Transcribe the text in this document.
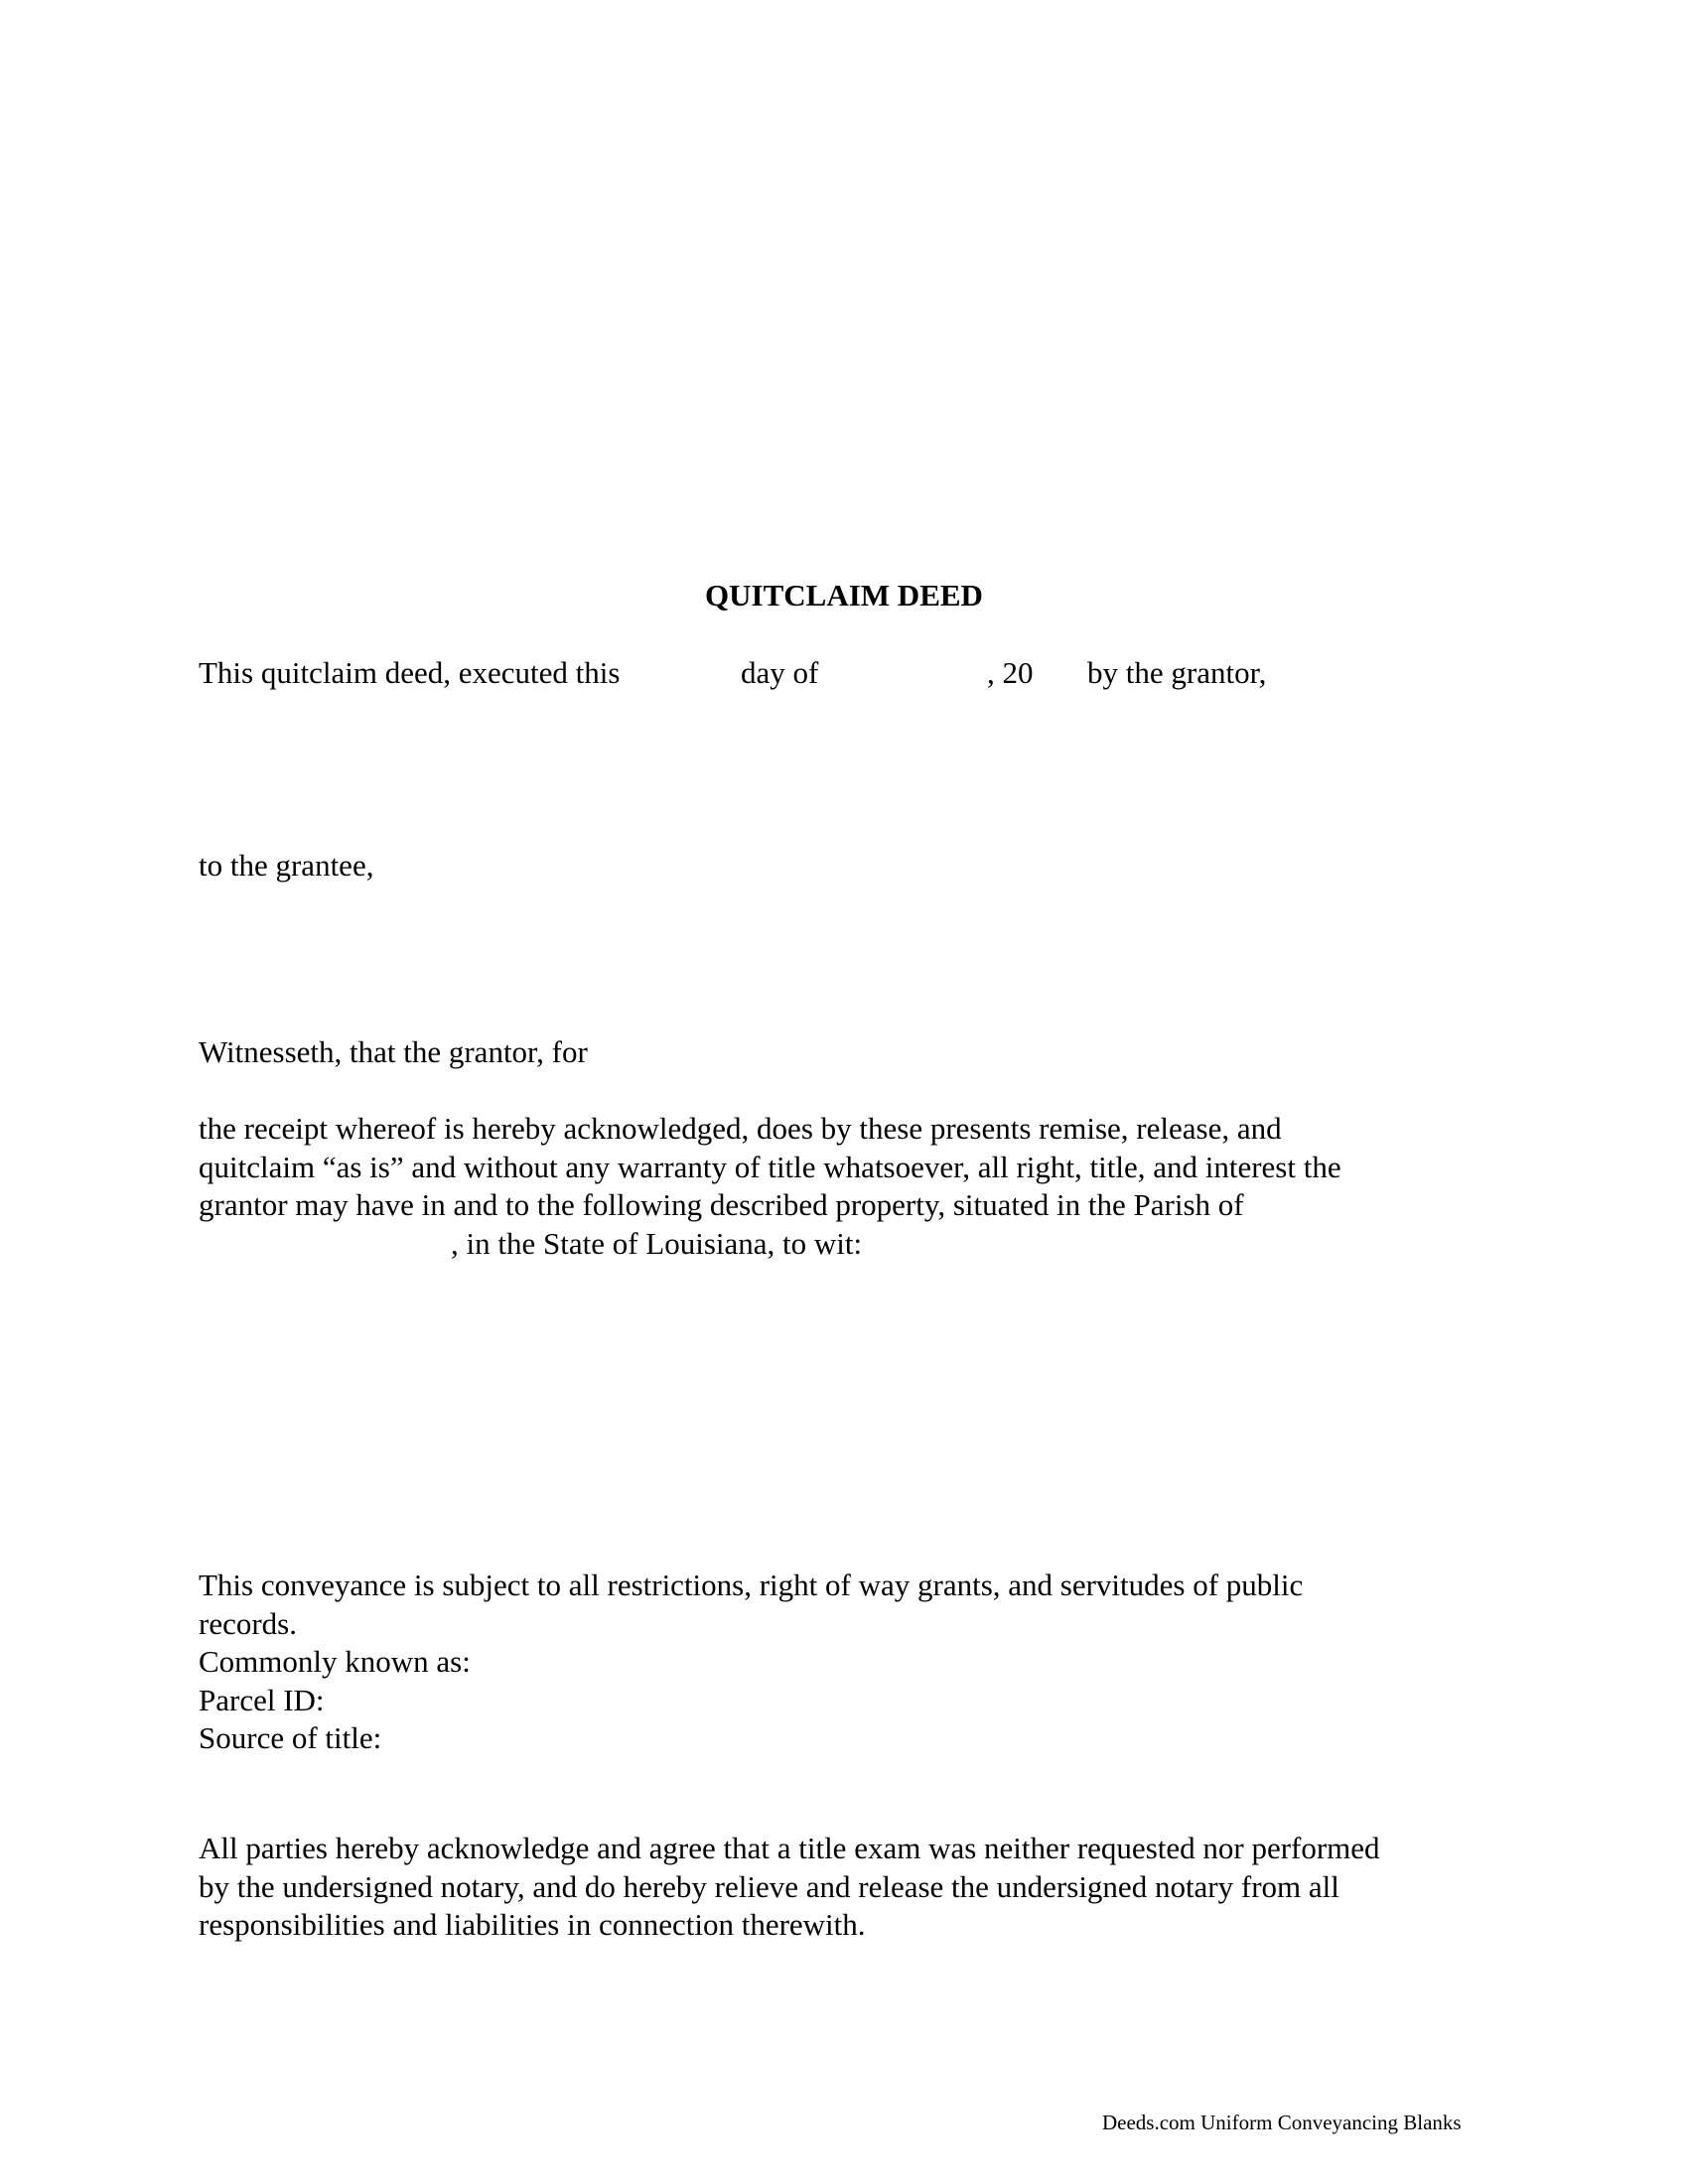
QUITCLAIM DEED
This quitclaim deed, executed this	day of	, 20 by the grantor,
to the grantee,
Witnesseth, that the grantor, for
the receipt whereof is hereby acknowledged, does by these presents remise, release, and
quitclaim “as is” and without any warranty of title whatsoever, all right, title, and interest the
grantor may have in and to the following described property, situated in the Parish of
, in the State of Louisiana, to wit:
This conveyance is subject to all restrictions, right of way grants, and servitudes of public
records.
Commonly known as:
Parcel ID:
Source of title:
All parties hereby acknowledge and agree that a title exam was neither requested nor performed
by the undersigned notary, and do hereby relieve and release the undersigned notary from all
responsibilities and liabilities in connection therewith.
Deeds.com Uniform Conveyancing Blanks
